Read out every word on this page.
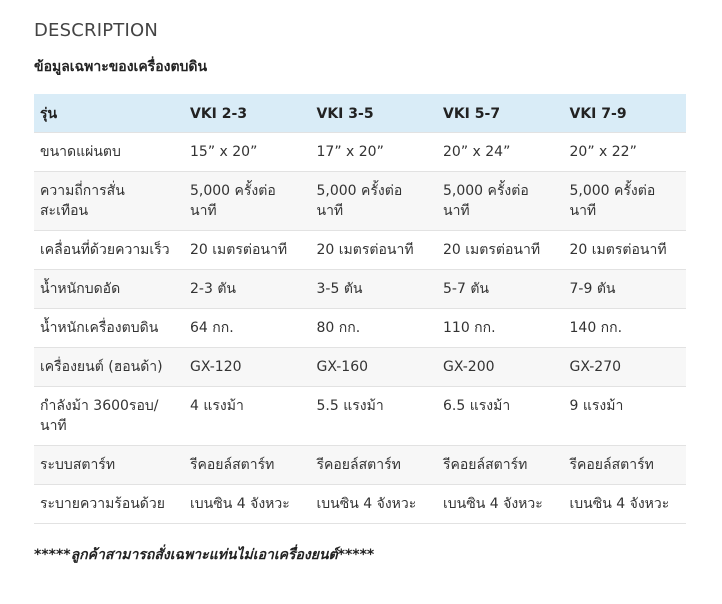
DESCRIPTION
ข้อมูลเฉพาะของเครื่องตบดิน
รุ่น	VKI 2-3	VKI 3-5	VKI 5-7	VKI 7-9
ขนาดแผ่นตบ	15” x 20”	17” x 20”	20” x 24”	20” x 22”
ความถี่การสั่นสะเทือน	5,000 ครั้งต่อนาที	5,000 ครั้งต่อนาที	5,000 ครั้งต่อนาที	5,000 ครั้งต่อนาที
เคลื่อนที่ด้วยความเร็ว	20 เมตรต่อนาที	20 เมตรต่อนาที	20 เมตรต่อนาที	20 เมตรต่อนาที
น้ำหนักบดอัด	2-3 ตัน	3-5 ตัน	5-7 ตัน	7-9 ตัน
น้ำหนักเครื่องตบดิน	64 กก.	80 กก.	110 กก.	140 กก.
เครื่องยนต์ (ฮอนด้า)	GX-120	GX-160	GX-200	GX-270
กำลังม้า 3600รอบ/นาที	4 แรงม้า	5.5 แรงม้า	6.5 แรงม้า	9 แรงม้า
ระบบสตาร์ท	รีคอยล์สตาร์ท	รีคอยล์สตาร์ท	รีคอยล์สตาร์ท	รีคอยล์สตาร์ท
ระบายความร้อนด้วย	เบนซิน 4 จังหวะ	เบนซิน 4 จังหวะ	เบนซิน 4 จังหวะ	เบนซิน 4 จังหวะ

*****ลูกค้าสามารถสั่งเฉพาะแท่นไม่เอาเครื่องยนต์*****
